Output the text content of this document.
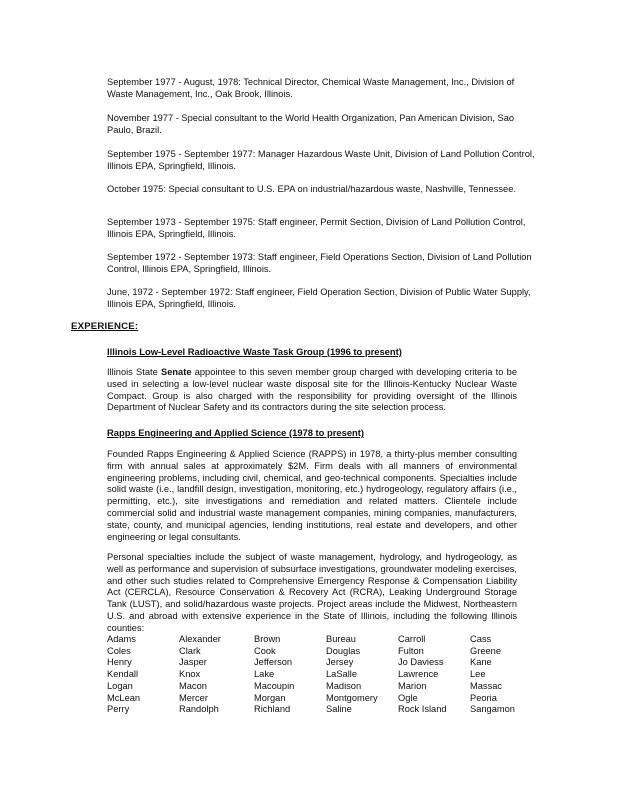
September 1977 - August, 1978: Technical Director, Chemical Waste Management, Inc., Division of Waste Management, Inc., Oak Brook, Illinois.

November 1977 - Special consultant to the World Health Organization, Pan American Division, Sao Paulo, Brazil.

September 1975 - September 1977: Manager Hazardous Waste Unit, Division of Land Pollution Control, Illinois EPA, Springfield, Illinois.

October 1975: Special consultant to U.S. EPA on industrial/hazardous waste, Nashville, Tennessee.

September 1973 - September 1975: Staff engineer, Permit Section, Division of Land Pollution Control, Illinois EPA, Springfield, Illinois.

September 1972 - September 1973: Staff engineer, Field Operations Section, Division of Land Pollution Control, Illinois EPA, Springfield, Illinois.

June, 1972 - September 1972: Staff engineer, Field Operation Section, Division of Public Water Supply, Illinois EPA, Springfield, Illinois.

EXPERIENCE:
Illinois Low-Level Radioactive Waste Task Group (1996 to present)

Illinois State Senate appointee to this seven member group charged with developing criteria to be used in selecting a low-level nuclear waste disposal site for the Illinois-Kentucky Nuclear Waste Compact. Group is also charged with the responsibility for providing oversight of the Illinois Department of Nuclear Safety and its contractors during the site selection process.

Rapps Engineering and Applied Science (1978 to present)

Founded Rapps Engineering & Applied Science (RAPPS) in 1978, a thirty-plus member consulting firm with annual sales at approximately $2M. Firm deals with all manners of environmental engineering problems, including civil, chemical, and geo-technical components. Specialties include solid waste (i.e., landfill design, investigation, monitoring, etc.) hydrogeology, regulatory affairs (i.e., permitting, etc.), site investigations and remediation and related matters. Clientele include commercial solid and industrial waste management companies, mining companies, manufacturers, state, county, and municipal agencies, lending institutions, real estate and developers, and other engineering or legal consultants.

Personal specialties include the subject of waste management, hydrology, and hydrogeology, as well as performance and supervision of subsurface investigations, groundwater modeling exercises, and other such studies related to Comprehensive Emergency Response & Compensation Liability Act (CERCLA), Resource Conservation & Recovery Act (RCRA), Leaking Underground Storage Tank (LUST), and solid/hazardous waste projects. Project areas include the Midwest, Northeastern U.S. and abroad with extensive experience in the State of Illinois, including the following Illinois counties:

Adams	Alexander	Brown	Bureau	Carroll	Cass
Coles	Clark	Cook	Douglas	Fulton	Greene
Henry	Jasper	Jefferson	Jersey	Jo Daviess	Kane
Kendall	Knox	Lake	LaSalle	Lawrence	Lee
Logan	Macon	Macoupin	Madison	Marion	Massac
McLean	Mercer	Morgan	Montgomery	Ogle	Peoria
Perry	Randolph	Richland	Saline	Rock Island	Sangamon
